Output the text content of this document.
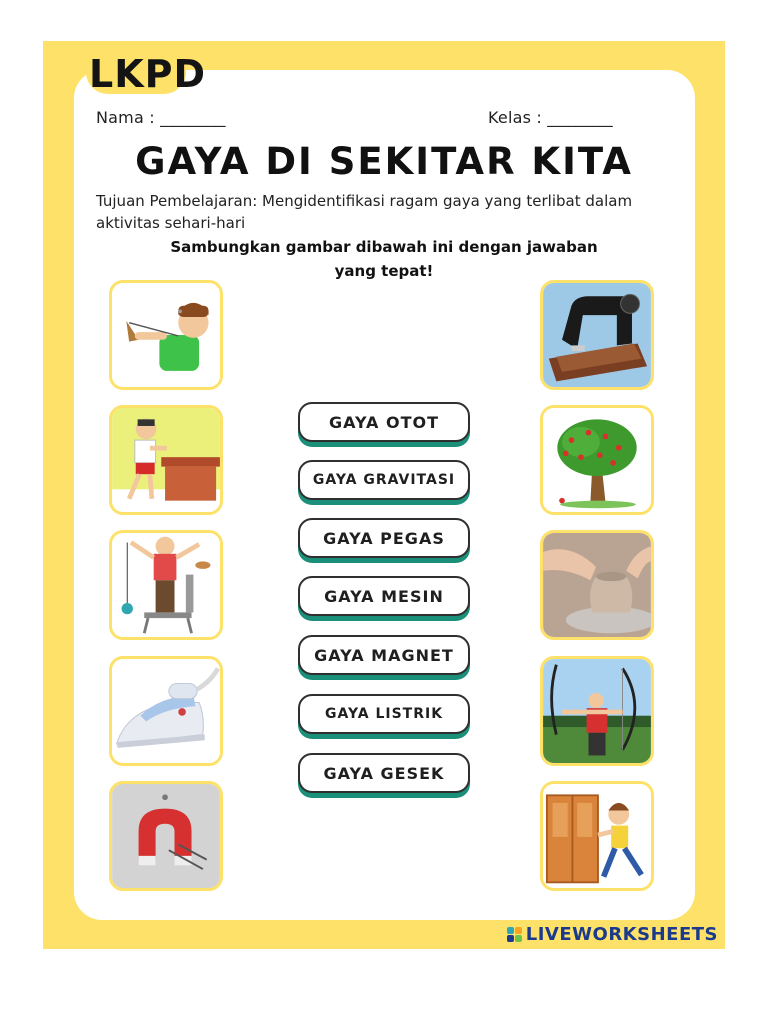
LKPD
Nama : ________	Kelas : ________
GAYA DI SEKITAR KITA
Tujuan Pembelajaran: Mengidentifikasi ragam gaya yang terlibat dalam aktivitas sehari-hari
Sambungkan gambar dibawah ini dengan jawaban yang tepat!
GAYA OTOT
GAYA GRAVITASI
GAYA PEGAS
GAYA MESIN
GAYA MAGNET
GAYA LISTRIK
GAYA GESEK
LIVEWORKSHEETS
